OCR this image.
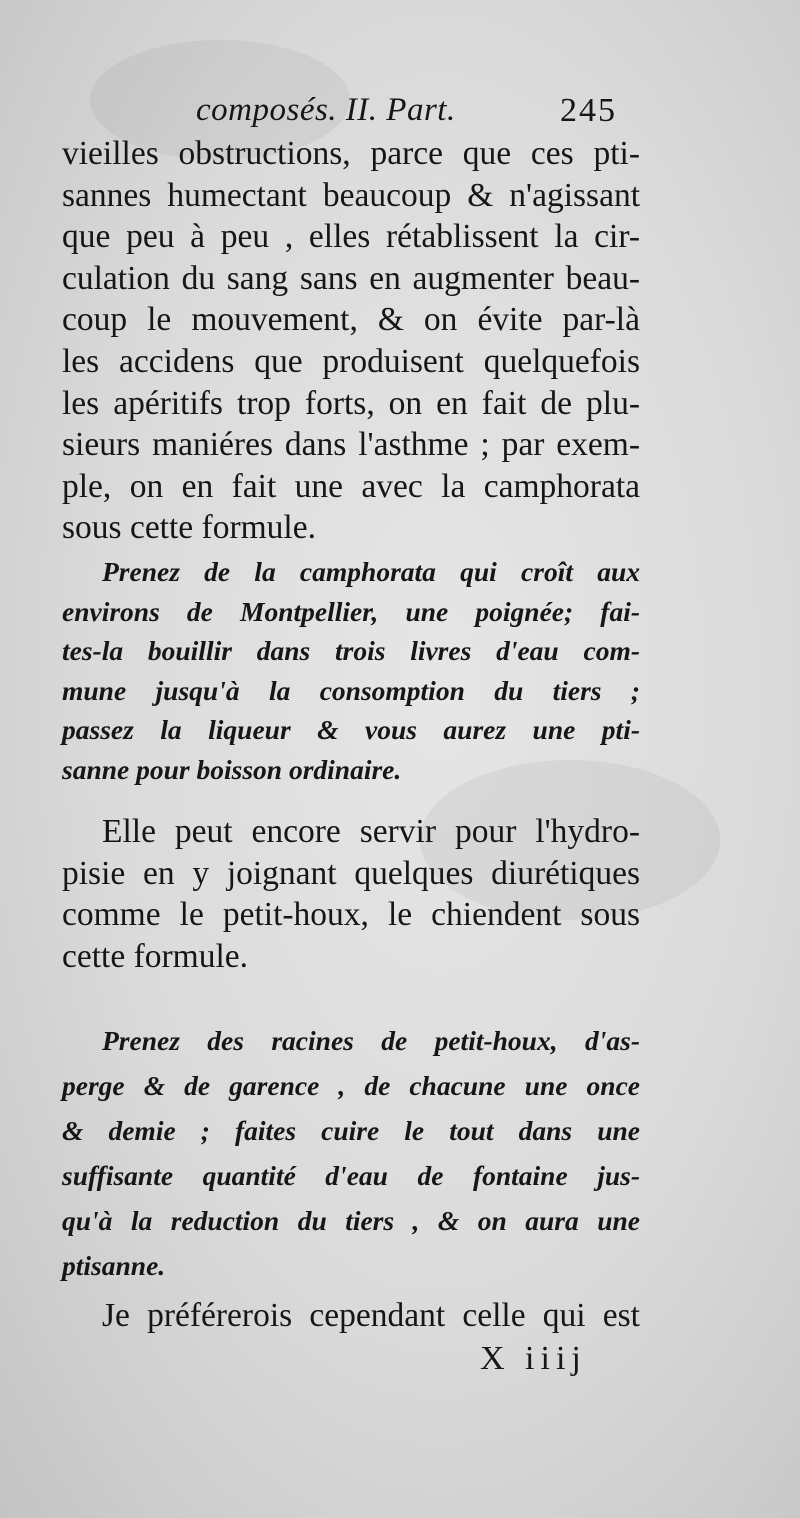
composés. II. Part.	245
vieilles obstructions, parce que ces pti-
sannes humectant beaucoup & n'agissant
que peu à peu , elles rétablissent la cir-
culation du sang sans en augmenter beau-
coup le mouvement, & on évite par-là
les accidens que produisent quelquefois
les apéritifs trop forts, on en fait de plu-
sieurs maniéres dans l'asthme ; par exem-
ple, on en fait une avec la camphorata
sous cette formule.
Prenez de la camphorata qui croît aux
environs de Montpellier, une poignée; fai-
tes-la bouillir dans trois livres d'eau com-
mune jusqu'à la consomption du tiers ;
passez la liqueur & vous aurez une pti-
sanne pour boisson ordinaire.
Elle peut encore servir pour l'hydro-
pisie en y joignant quelques diurétiques
comme le petit-houx, le chiendent sous
cette formule.
Prenez des racines de petit-houx, d'as-
perge & de garence , de chacune une once
& demie ; faites cuire le tout dans une
suffisante quantité d'eau de fontaine jus-
qu'à la reduction du tiers , & on aura une
ptisanne.
Je préférerois cependant celle qui est
X iiij
